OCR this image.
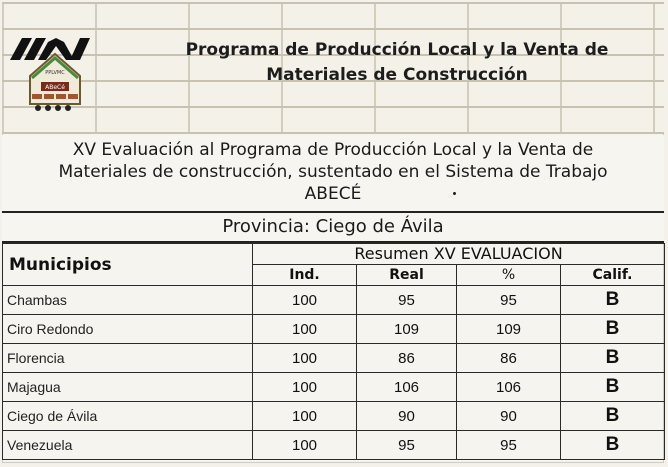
PPLVMC
ABeCé
Programa de Producción Local y la Venta de
Materiales de Construcción
XV Evaluación al Programa de Producción Local y la Venta de
Materiales de construcción, sustentado en el Sistema de Trabajo
ABECÉ
Provincia: Ciego de Ávila
Municipios	Resumen XV EVALUACION			
	Ind.	Real	%	Calif.
Chambas	100	95	95	B
Ciro Redondo	100	109	109	B
Florencia	100	86	86	B
Majagua	100	106	106	B
Ciego de Ávila	100	90	90	B
Venezuela	100	95	95	B
